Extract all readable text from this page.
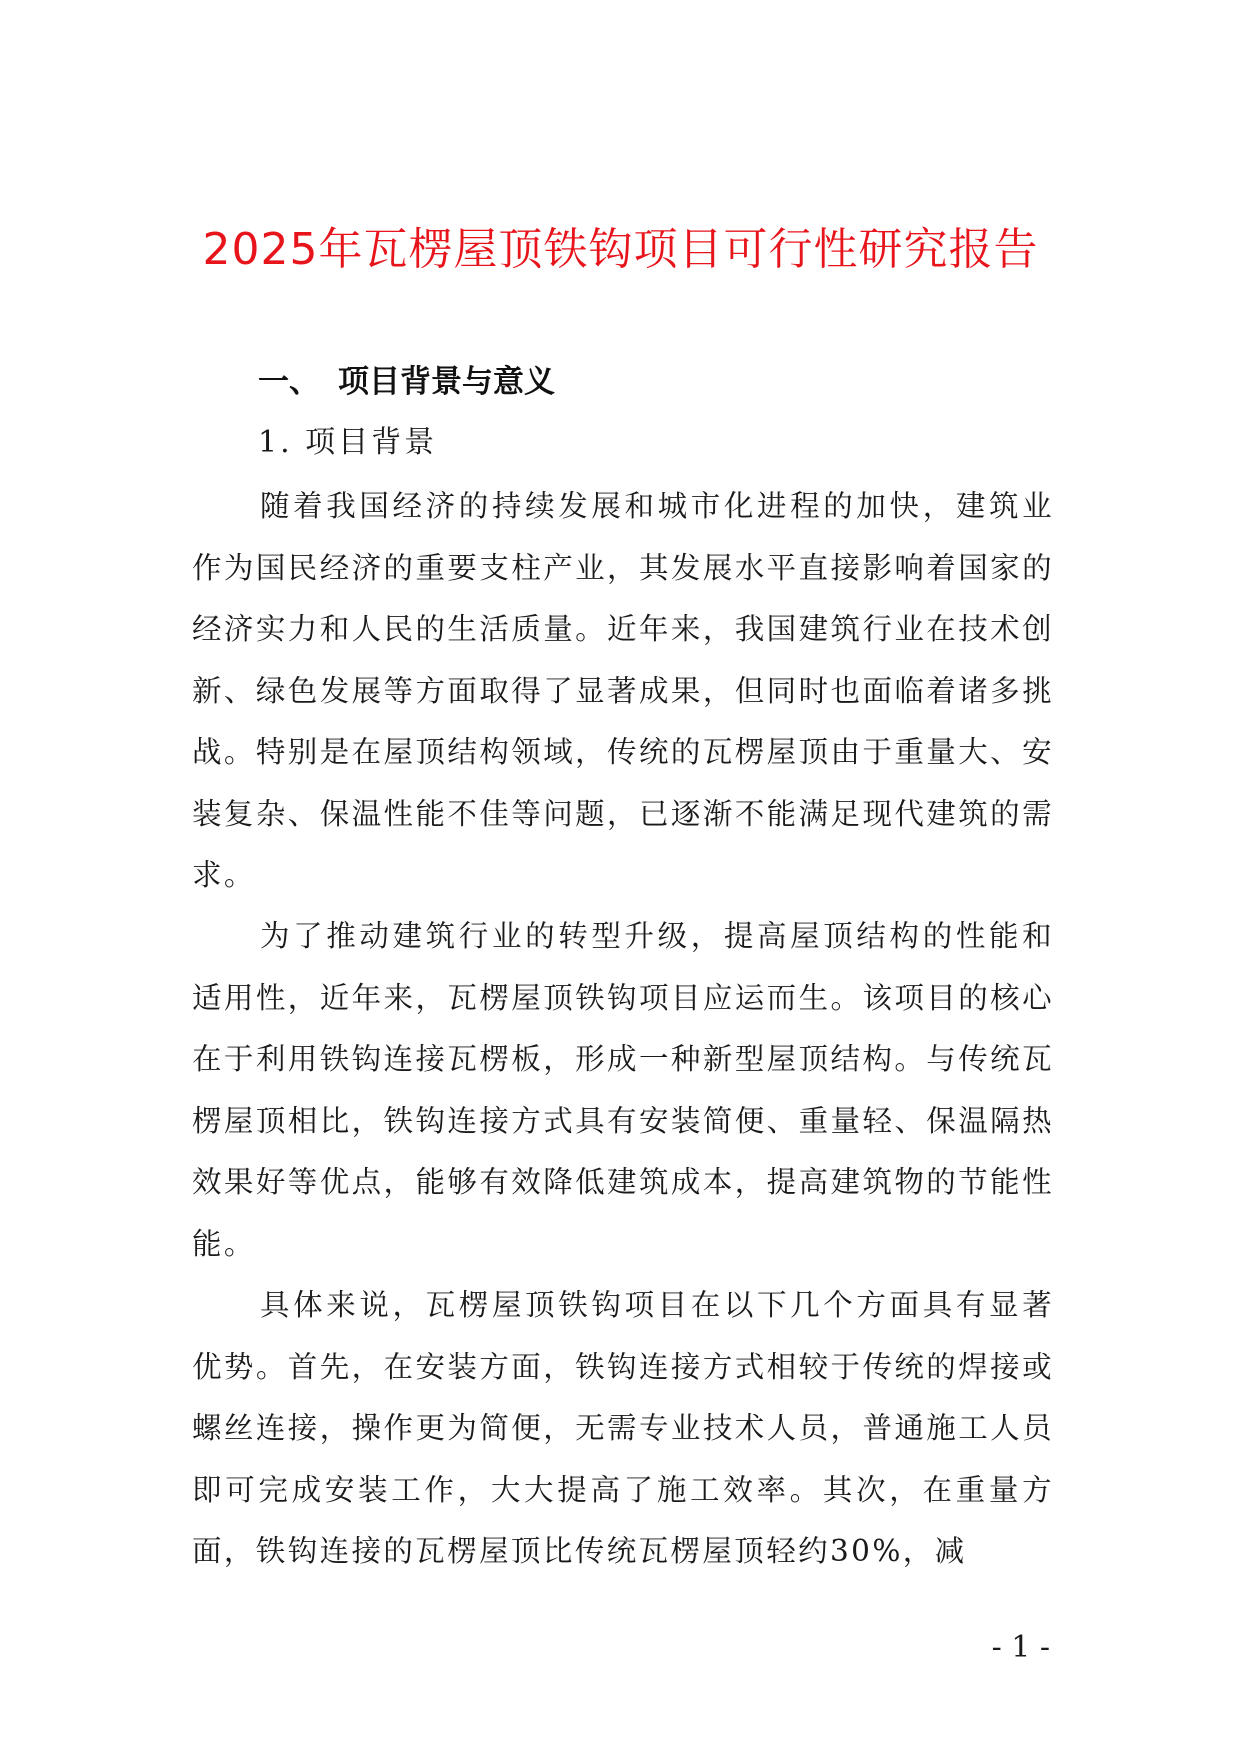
2025年瓦楞屋顶铁钩项目可行性研究报告
一、 项目背景与意义
1. 项目背景

随着我国经济的持续发展和城市化进程的加快，建筑业作为国民经济的重要支柱产业，其发展水平直接影响着国家的经济实力和人民的生活质量。近年来，我国建筑行业在技术创新、绿色发展等方面取得了显著成果，但同时也面临着诸多挑战。特别是在屋顶结构领域，传统的瓦楞屋顶由于重量大、安装复杂、保温性能不佳等问题，已逐渐不能满足现代建筑的需求。

为了推动建筑行业的转型升级，提高屋顶结构的性能和适用性，近年来，瓦楞屋顶铁钩项目应运而生。该项目的核心在于利用铁钩连接瓦楞板，形成一种新型屋顶结构。与传统瓦楞屋顶相比，铁钩连接方式具有安装简便、重量轻、保温隔热效果好等优点，能够有效降低建筑成本，提高建筑物的节能性能。

具体来说，瓦楞屋顶铁钩项目在以下几个方面具有显著优势。首先，在安装方面，铁钩连接方式相较于传统的焊接或螺丝连接，操作更为简便，无需专业技术人员，普通施工人员即可完成安装工作，大大提高了施工效率。其次，在重量方面，铁钩连接的瓦楞屋顶比传统瓦楞屋顶轻约30%，减

- 1 -
